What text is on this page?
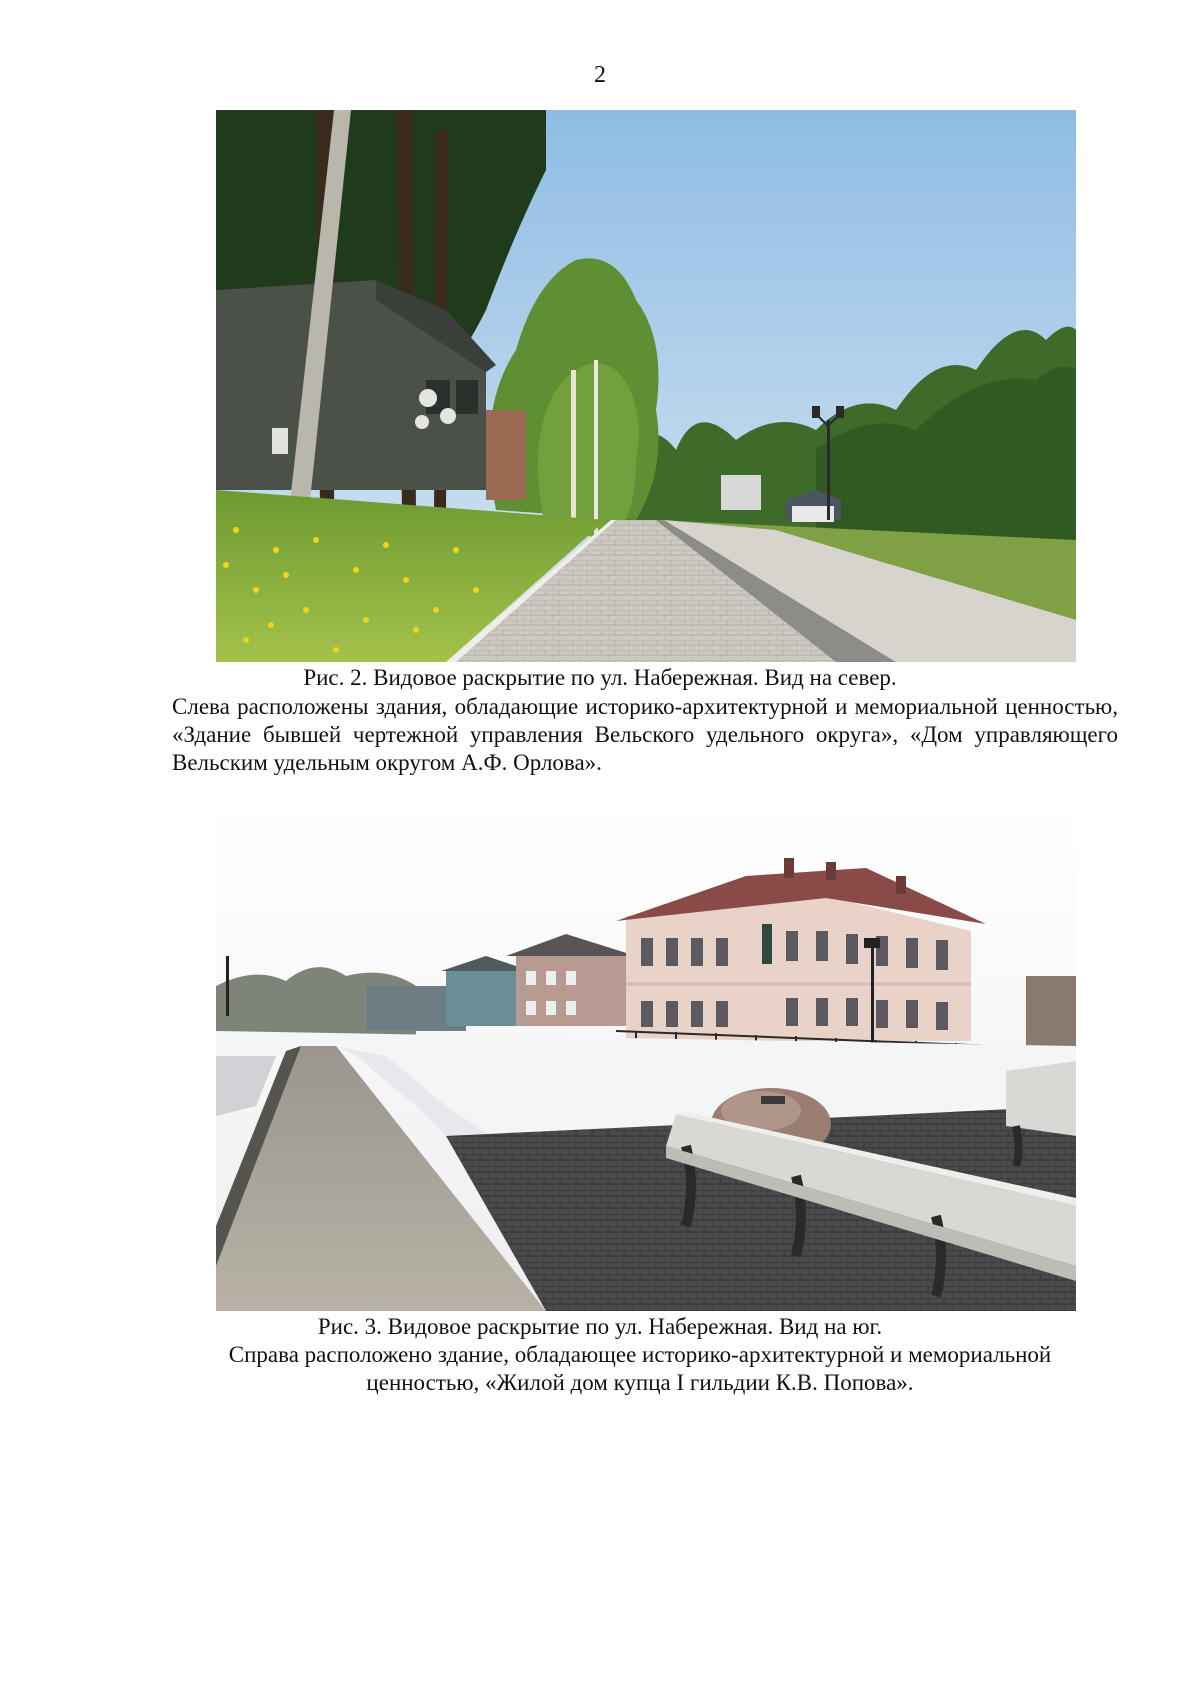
2
Рис. 2. Видовое раскрытие по ул. Набережная. Вид на север.
Слева расположены здания, обладающие историко-архитектурной и мемориальной ценностью, «Здание бывшей чертежной управления Вельского удельного округа», «Дом управляющего Вельским удельным округом А.Ф. Орлова».
Рис. 3. Видовое раскрытие по ул. Набережная. Вид на юг.
Справа расположено здание, обладающее историко-архитектурной и мемориальной ценностью, «Жилой дом купца I гильдии К.В. Попова».
